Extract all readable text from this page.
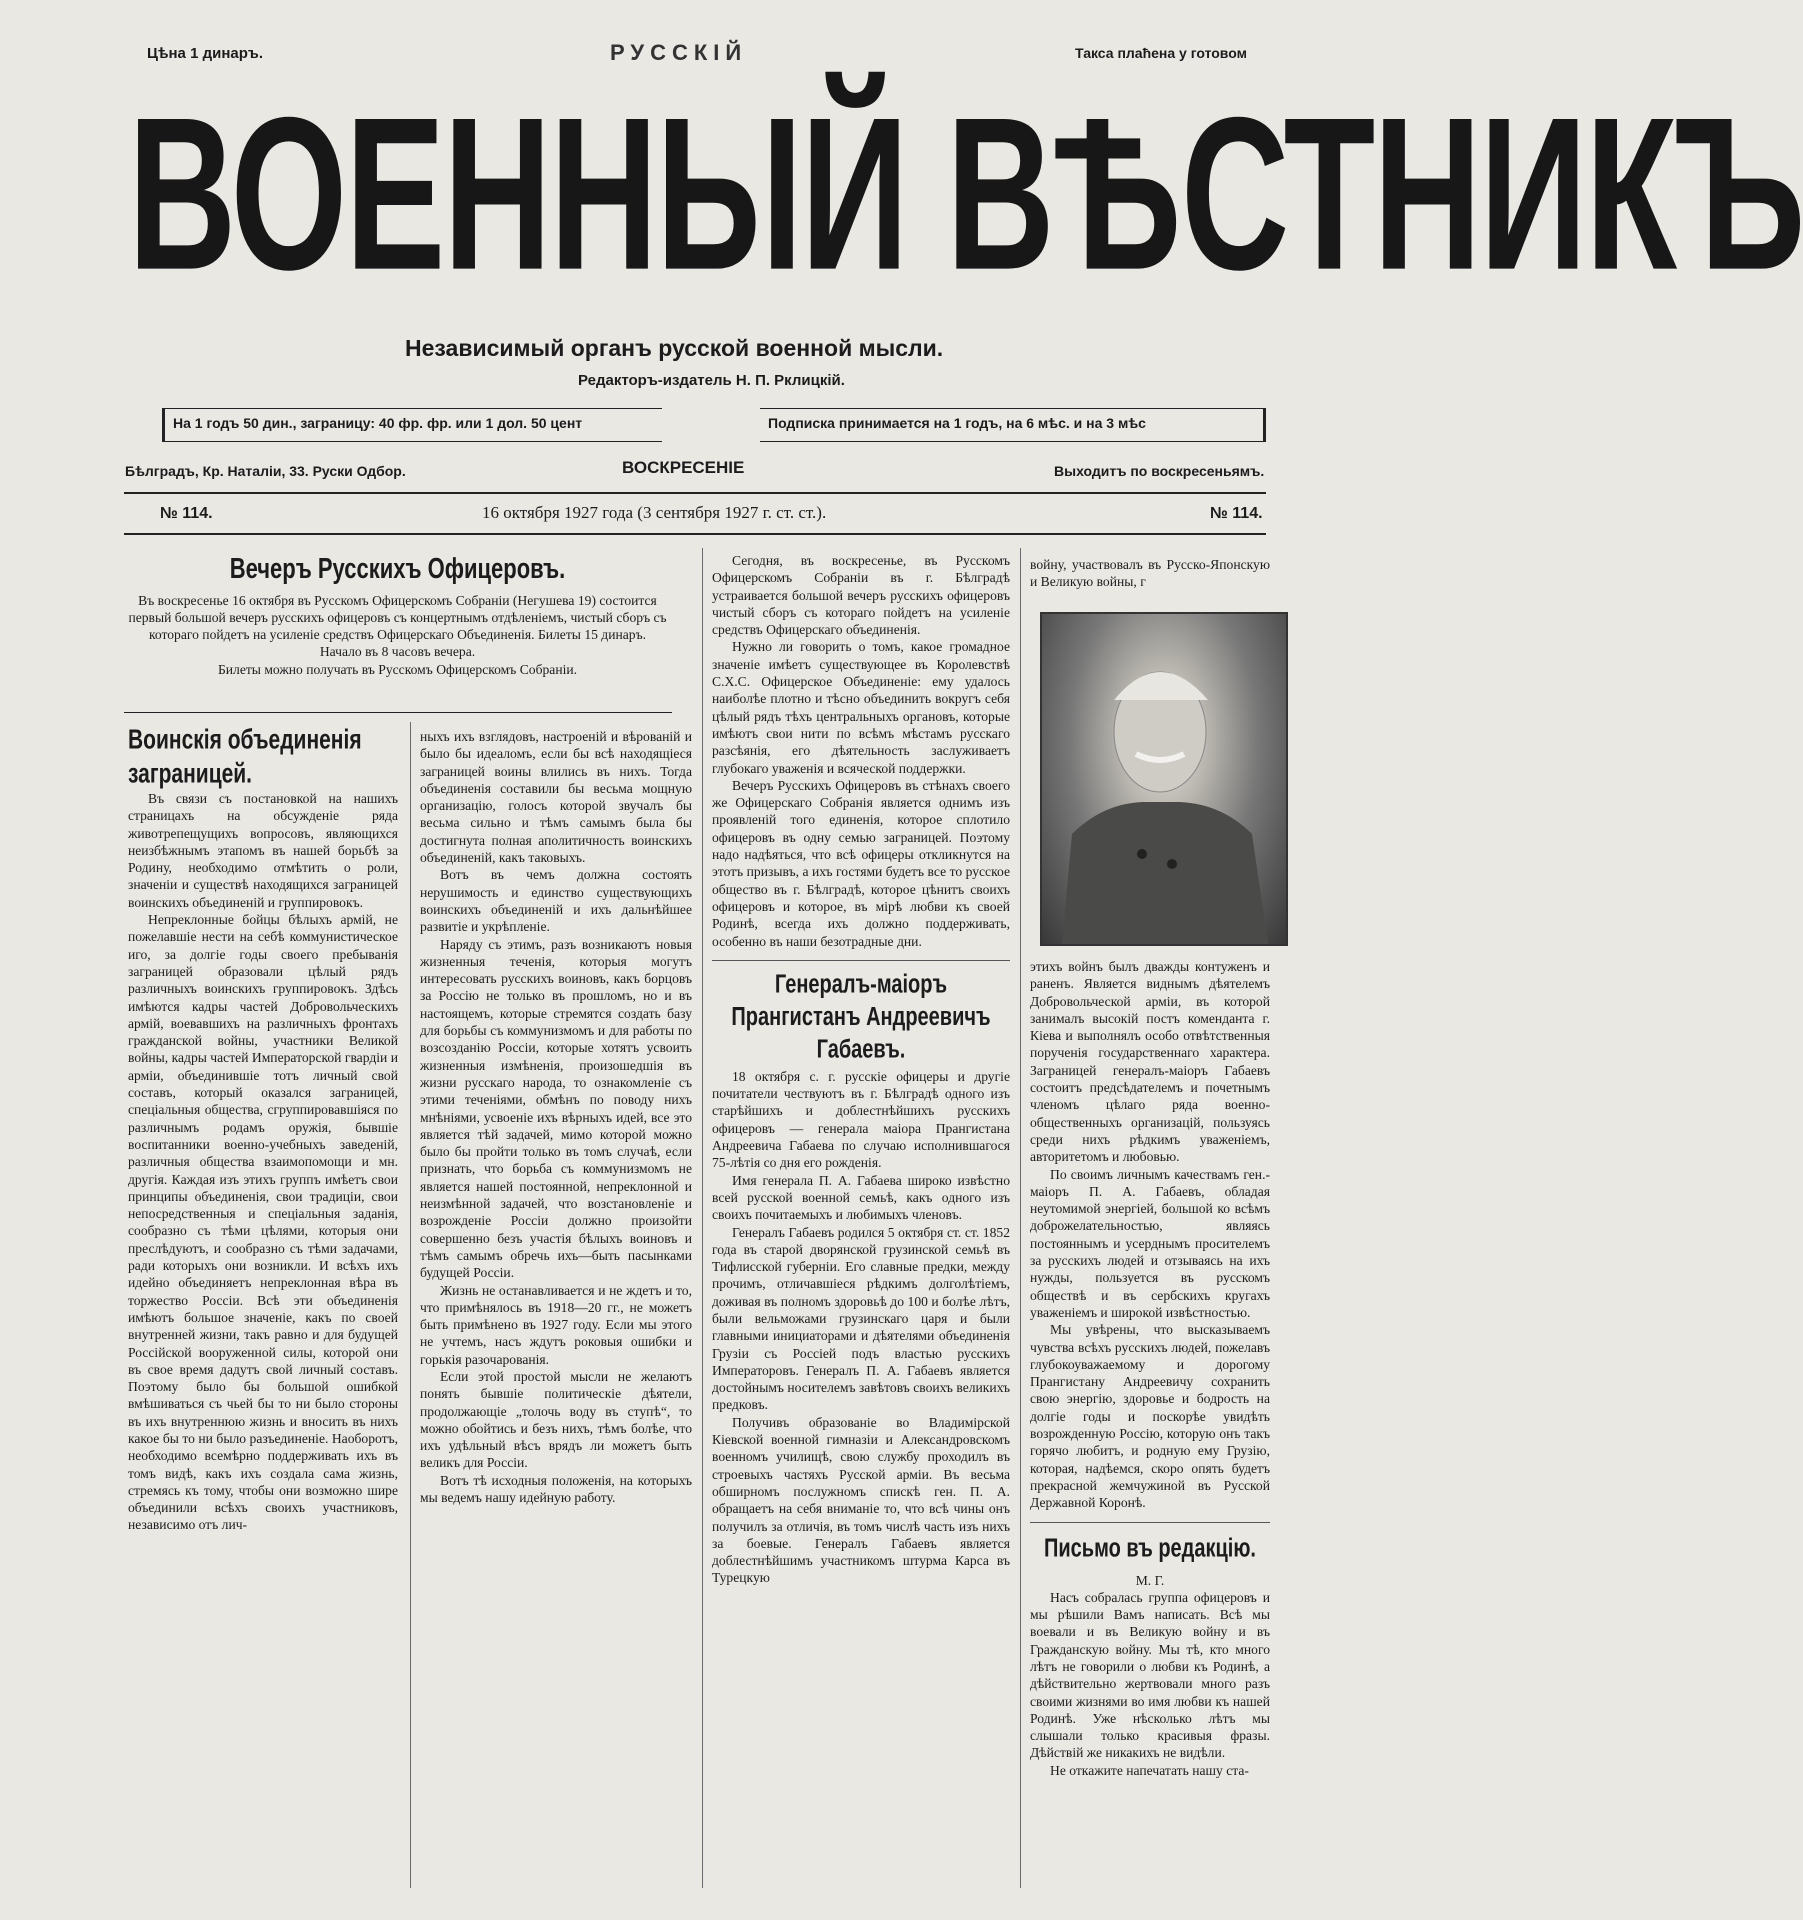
Цѣна 1 динаръ.	Такса плаћена у готовом
РУССКIЙ
ВОЕННЫЙ ВѢСТНИКЪ
Независимый органъ русской военной мысли.
Редакторъ-издатель Н. П. Рклицкiй.
На 1 годъ 50 дин., заграницу: 40 фр. фр. или 1 дол. 50 цент	Подписка принимается на 1 годъ, на 6 мѣс. и на 3 мѣс
Бѣлградъ, Кр. Наталiи, 33. Руски Одбор.	ВОСКРЕСЕНIЕ	Выходитъ по воскресеньямъ.
№ 114.	16 октября 1927 года (3 сентября 1927 г. ст. ст.).	№ 114.
Вечеръ Русскихъ Офицеровъ.
Въ воскресенье 16 октября въ Русскомъ Офицерскомъ Собранiи (Негушева 19) состоится первый большой вечеръ русскихъ офицеровъ съ концертнымъ отдѣленiемъ, чистый сборъ съ котораго пойдетъ на усиленiе средствъ Офицерскаго Объединенiя. Билеты 15 динаръ.
Начало въ 8 часовъ вечера.
Билеты можно получать въ Русскомъ Офицерскомъ Собранiи.
Воинскiя объединенiя заграницей.

Въ связи съ постановкой на нашихъ страницахъ на обсужденiе ряда животрепещущихъ вопросовъ, являющихся неизбѣжнымъ этапомъ въ нашей борьбѣ за Родину, необходимо отмѣтить о роли, значенiи и существѣ находящихся заграницей воинскихъ объединенiй и группировокъ.

Непреклонные бойцы бѣлыхъ армiй, не пожелавшiе нести на себѣ коммунистическое иго, за долгiе годы своего пребыванiя заграницей образовали цѣлый рядъ различныхъ воинскихъ группировокъ. Здѣсь имѣются кадры частей Добровольческихъ армiй, воевавшихъ на различныхъ фронтахъ гражданской войны, участники Великой войны, кадры частей Императорской гвардiи и армiи, объединившiе тотъ личный свой составъ, который оказался заграницей, спецiальныя общества, сгруппировавшiяся по различнымъ родамъ оружiя, бывшiе воспитанники военно-учебныхъ заведенiй, различныя общества взаимопомощи и мн. другiя. Каждая изъ этихъ группъ имѣетъ свои принципы объединенiя, свои традицiи, свои непосредственныя и спецiальныя заданiя, сообразно съ тѣми цѣлями, которыя они преслѣдуютъ, и сообразно съ тѣми задачами, ради которыхъ они возникли. И всѣхъ ихъ идейно объединяетъ непреклонная вѣра въ торжество Россiи. Всѣ эти объединенiя имѣютъ большое значенiе, какъ по своей внутренней жизни, такъ равно и для будущей Россiйской вооруженной силы, которой они въ свое время дадутъ свой личный составъ. Поэтому было бы большой ошибкой вмѣшиваться съ чьей бы то ни было стороны въ ихъ внутреннюю жизнь и вносить въ нихъ какое бы то ни было разъединенiе. Наоборотъ, необходимо всемѣрно поддерживать ихъ въ томъ видѣ, какъ ихъ создала сама жизнь, стремясь къ тому, чтобы они возможно шире объединили всѣхъ своихъ участниковъ, независимо отъ лич-

ныхъ ихъ взглядовъ, настроенiй и вѣрованiй и было бы идеаломъ, если бы всѣ находящiеся заграницей воины влились въ нихъ. Тогда объединенiя составили бы весьма мощную организацiю, голосъ которой звучалъ бы весьма сильно и тѣмъ самымъ была бы достигнута полная аполитичность воинскихъ объединенiй, какъ таковыхъ.

Вотъ въ чемъ должна состоять нерушимость и единство существующихъ воинскихъ объединенiй и ихъ дальнѣйшее развитiе и укрѣпленiе.

Наряду съ этимъ, разъ возникаютъ новыя жизненныя теченiя, которыя могутъ интересовать русскихъ воиновъ, какъ борцовъ за Россiю не только въ прошломъ, но и въ настоящемъ, которые стремятся создать базу для борьбы съ коммунизмомъ и для работы по возсозданiю Россiи, которые хотятъ усвоить жизненныя измѣненiя, произошедшiя въ жизни русскаго народа, то ознакомленiе съ этими теченiями, обмѣнъ по поводу нихъ мнѣнiями, усвоенiе ихъ вѣрныхъ идей, все это является тѣй задачей, мимо которой можно было бы пройти только въ томъ случаѣ, если признать, что борьба съ коммунизмомъ не является нашей постоянной, непреклонной и неизмѣнной задачей, что возстановленiе и возрожденiе Россiи должно произойти совершенно безъ участiя бѣлыхъ воиновъ и тѣмъ самымъ обречь ихъ—быть пасынками будущей Россiи.

Жизнь не останавливается и не ждетъ и то, что примѣнялось въ 1918—20 гг., не можетъ быть примѣнено въ 1927 году. Если мы этого не учтемъ, насъ ждутъ роковыя ошибки и горькiя разочарованiя.

Если этой простой мысли не желаютъ понять бывшiе политическiе дѣятели, продолжающiе „толочь воду въ ступѣ“, то можно обойтись и безъ нихъ, тѣмъ болѣе, что ихъ удѣльный вѣсъ врядъ ли можетъ быть великъ для Россiи.

Вотъ тѣ исходныя положенiя, на которыхъ мы ведемъ нашу идейную работу.

Сегодня, въ воскресенье, въ Русскомъ Офицерскомъ Собранiи въ г. Бѣлградѣ устраивается большой вечеръ русскихъ офицеровъ чистый сборъ съ котораго пойдетъ на усиленiе средствъ Офицерскаго объединенiя.

Нужно ли говорить о томъ, какое громадное значенiе имѣетъ существующее въ Королевствѣ С.Х.С. Офицерское Объединенiе: ему удалось наиболѣе плотно и тѣсно объединить вокругъ себя цѣлый рядъ тѣхъ центральныхъ органовъ, которые имѣютъ свои нити по всѣмъ мѣстамъ русскаго разсѣянiя, его дѣятельность заслуживаетъ глубокаго уваженiя и всяческой поддержки.

Вечеръ Русскихъ Офицеровъ въ стѣнахъ своего же Офицерскаго Собранiя является однимъ изъ проявленiй того единенiя, которое сплотило офицеровъ въ одну семью заграницей. Поэтому надо надѣяться, что всѣ офицеры откликнутся на этотъ призывъ, а ихъ гостями будетъ все то русское общество въ г. Бѣлградѣ, которое цѣнитъ своихъ офицеровъ и которое, въ мiрѣ любви къ своей Родинѣ, всегда ихъ должно поддерживать, особенно въ наши безотрадные дни.

Генералъ-маiоръ Прангистанъ Андреевичъ Габаевъ.

18 октября с. г. русскiе офицеры и другiе почитатели чествуютъ въ г. Бѣлградѣ одного изъ старѣйшихъ и доблестнѣйшихъ русскихъ офицеровъ — генерала маiора Прангистана Андреевича Габаева по случаю исполнившагося 75-лѣтiя со дня его рожденiя.

Имя генерала П. А. Габаева широко извѣстно всей русской военной семьѣ, какъ одного изъ своихъ почитаемыхъ и любимыхъ членовъ.

Генералъ Габаевъ родился 5 октября ст. ст. 1852 года въ старой дворянской грузинской семьѣ въ Тифлисской губернiи. Его славные предки, между прочимъ, отличавшiеся рѣдкимъ долголѣтiемъ, доживая въ полномъ здоровьѣ до 100 и болѣе лѣтъ, были вельможами грузинскаго царя и были главными инициаторами и дѣятелями объединенiя Грузiи съ Россiей подъ властью русскихъ Императоровъ. Генералъ П. А. Габаевъ является достойнымъ носителемъ завѣтовъ своихъ великихъ предковъ.

Получивъ образованiе во Владимiрской Кiевской военной гимназiи и Александровскомъ военномъ училищѣ, свою службу проходилъ въ строевыхъ частяхъ Русской армiи. Въ весьма обширномъ послужномъ спискѣ ген. П. А. обращаетъ на себя вниманiе то, что всѣ чины онъ получилъ за отличiя, въ томъ числѣ часть изъ нихъ за боевые. Генералъ Габаевъ является доблестнѣйшимъ участникомъ штурма Карса въ Турецкую

войну, участвовалъ въ Русско-Японскую и Великую войны, г

этихъ войнъ былъ дважды контуженъ и раненъ. Является виднымъ дѣятелемъ Добровольческой армiи, въ которой занималъ высокiй постъ коменданта г. Кiева и выполнялъ особо отвѣтственныя порученiя государственнаго характера. Заграницей генералъ-маiоръ Габаевъ состоитъ предсѣдателемъ и почетнымъ членомъ цѣлаго ряда военно-общественныхъ организацiй, пользуясь среди нихъ рѣдкимъ уваженiемъ, авторитетомъ и любовью.

По своимъ личнымъ качествамъ ген.-маiоръ П. А. Габаевъ, обладая неутомимой энергiей, большой ко всѣмъ доброжелательностью, являясь постояннымъ и усерднымъ просителемъ за русскихъ людей и отзываясь на ихъ нужды, пользуется въ русскомъ обществѣ и въ сербскихъ кругахъ уваженiемъ и широкой извѣстностью.

Мы увѣрены, что высказываемъ чувства всѣхъ русскихъ людей, пожелавъ глубокоуважаемому и дорогому Прангистану Андреевичу сохранить свою энергiю, здоровье и бодрость на долгiе годы и поскорѣе увидѣть возрожденную Россiю, которую онъ такъ горячо любитъ, и родную ему Грузiю, которая, надѣемся, скоро опять будетъ прекрасной жемчужиной въ Русской Державной Коронѣ.

Письмо въ редакцiю.
М. Г.

Насъ собралась группа офицеровъ и мы рѣшили Вамъ написать. Всѣ мы воевали и въ Великую войну и въ Гражданскую войну. Мы тѣ, кто много лѣтъ не говорили о любви къ Родинѣ, а дѣйствительно жертвовали много разъ своими жизнями во имя любви къ нашей Родинѣ. Уже нѣсколько лѣтъ мы слышали только красивыя фразы. Дѣйствiй же никакихъ не видѣли.

Не откажите напечатать нашу ста-
